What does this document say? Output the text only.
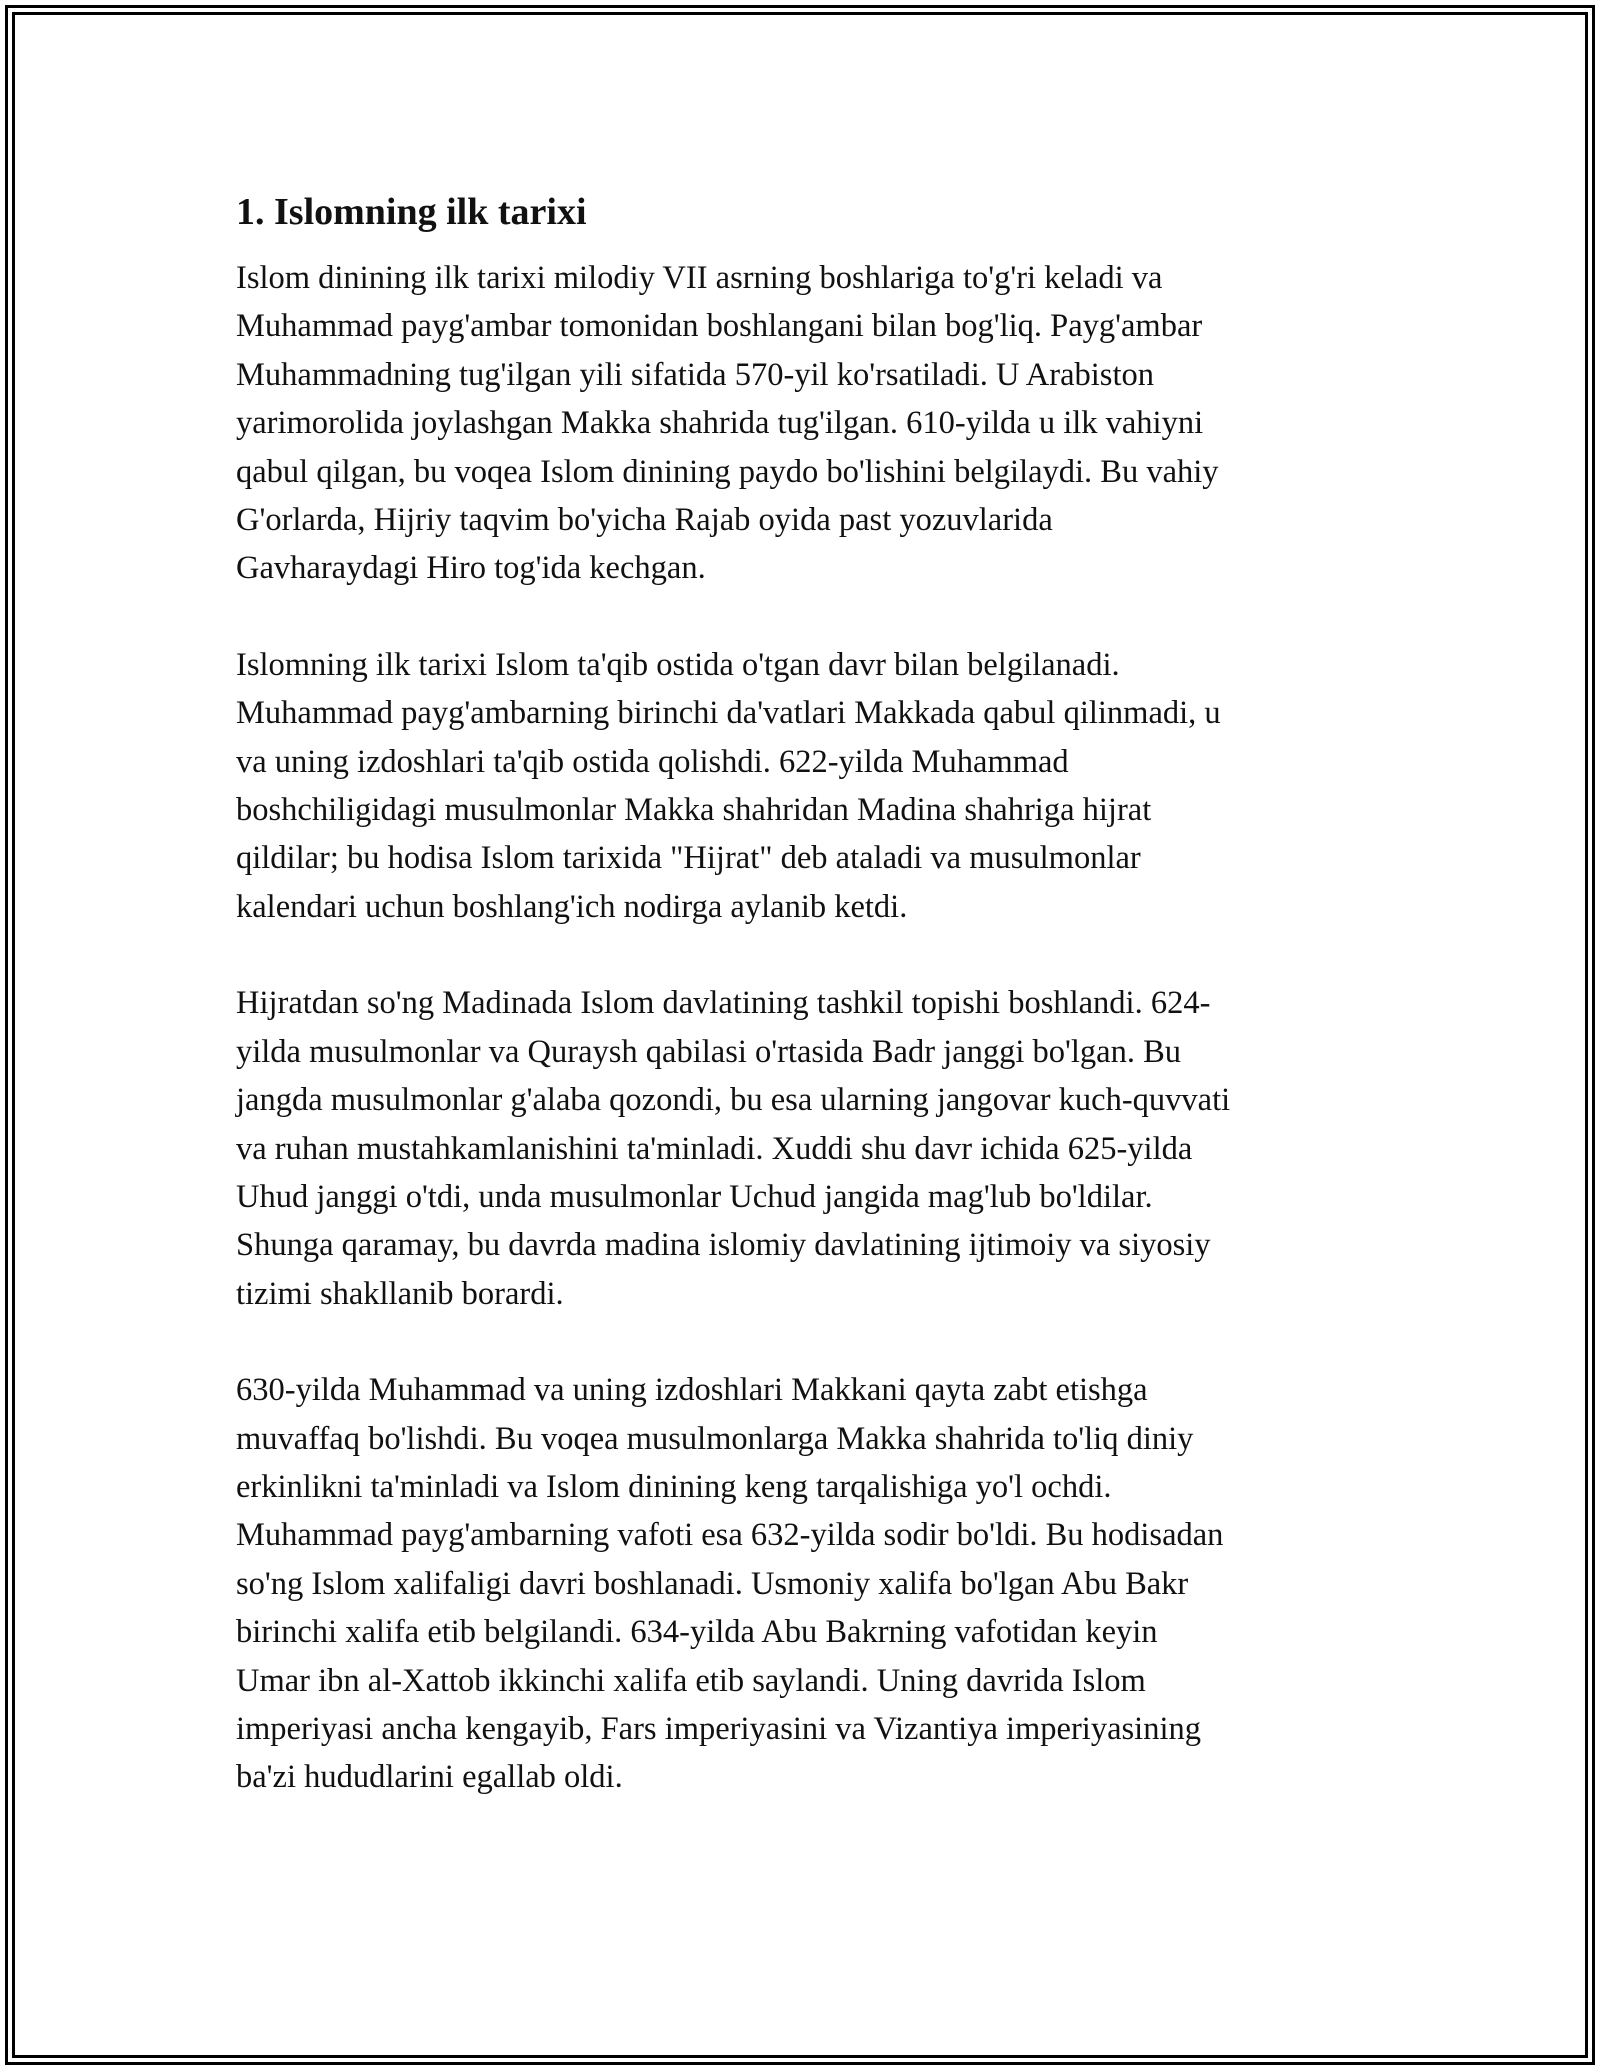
1. Islomning ilk tarixi

Islom dinining ilk tarixi milodiy VII asrning boshlariga to'g'ri keladi va
Muhammad payg'ambar tomonidan boshlangani bilan bog'liq. Payg'ambar
Muhammadning tug'ilgan yili sifatida 570-yil ko'rsatiladi. U Arabiston
yarimorolida joylashgan Makka shahrida tug'ilgan. 610-yilda u ilk vahiyni
qabul qilgan, bu voqea Islom dinining paydo bo'lishini belgilaydi. Bu vahiy
G'orlarda, Hijriy taqvim bo'yicha Rajab oyida past yozuvlarida
Gavharaydagi Hiro tog'ida kechgan.

Islomning ilk tarixi Islom ta'qib ostida o'tgan davr bilan belgilanadi.
Muhammad payg'ambarning birinchi da'vatlari Makkada qabul qilinmadi, u
va uning izdoshlari ta'qib ostida qolishdi. 622-yilda Muhammad
boshchiligidagi musulmonlar Makka shahridan Madina shahriga hijrat
qildilar; bu hodisa Islom tarixida "Hijrat" deb ataladi va musulmonlar
kalendari uchun boshlang'ich nodirga aylanib ketdi.

Hijratdan so'ng Madinada Islom davlatining tashkil topishi boshlandi. 624-
yilda musulmonlar va Quraysh qabilasi o'rtasida Badr janggi bo'lgan. Bu
jangda musulmonlar g'alaba qozondi, bu esa ularning jangovar kuch-quvvati
va ruhan mustahkamlanishini ta'minladi. Xuddi shu davr ichida 625-yilda
Uhud janggi o'tdi, unda musulmonlar Uchud jangida mag'lub bo'ldilar.
Shunga qaramay, bu davrda madina islomiy davlatining ijtimoiy va siyosiy
tizimi shakllanib borardi.

630-yilda Muhammad va uning izdoshlari Makkani qayta zabt etishga
muvaffaq bo'lishdi. Bu voqea musulmonlarga Makka shahrida to'liq diniy
erkinlikni ta'minladi va Islom dinining keng tarqalishiga yo'l ochdi.
Muhammad payg'ambarning vafoti esa 632-yilda sodir bo'ldi. Bu hodisadan
so'ng Islom xalifaligi davri boshlanadi. Usmoniy xalifa bo'lgan Abu Bakr
birinchi xalifa etib belgilandi. 634-yilda Abu Bakrning vafotidan keyin
Umar ibn al-Xattob ikkinchi xalifa etib saylandi. Uning davrida Islom
imperiyasi ancha kengayib, Fars imperiyasini va Vizantiya imperiyasining
ba'zi hududlarini egallab oldi.
